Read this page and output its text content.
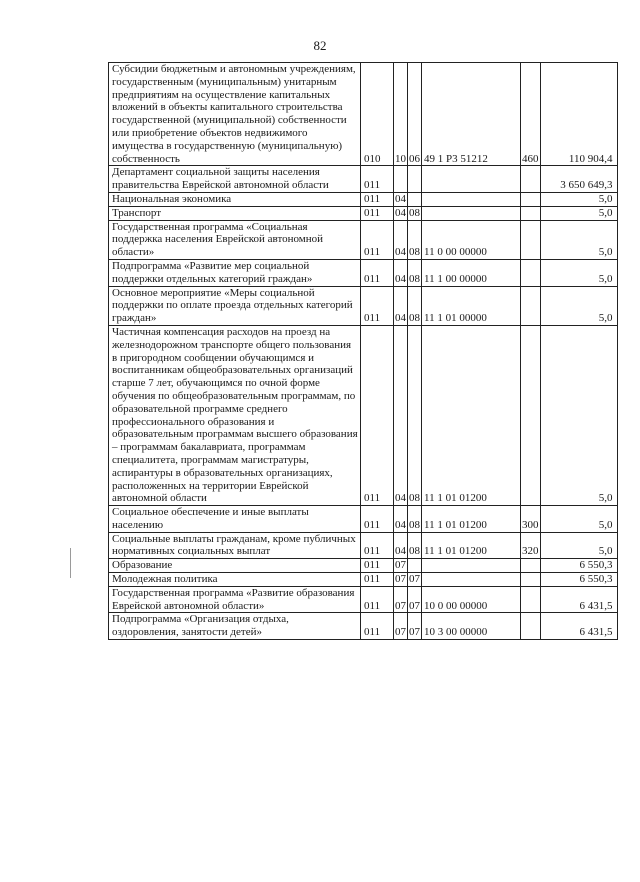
82
Субсидии бюджетным и автономным учреждениям, государственным (муниципальным) унитарным предприятиям на осуществление капитальных вложений в объекты капитального строительства государственной (муниципальной) собственности или приобретение объектов недвижимого имущества в государственную (муниципальную) собственность	010	10	06	49 1 Р3 51212	460	110 904,4
Департамент социальной защиты населения правительства Еврейской автономной области	011					3 650 649,3
Национальная экономика	011	04				5,0
Транспорт	011	04	08			5,0
Государственная программа «Социальная поддержка населения Еврейской автономной области»	011	04	08	11 0 00 00000		5,0
Подпрограмма «Развитие мер социальной поддержки отдельных категорий граждан»	011	04	08	11 1 00 00000		5,0
Основное мероприятие «Меры социальной поддержки по оплате проезда отдельных категорий граждан»	011	04	08	11 1 01 00000		5,0
Частичная компенсация расходов на проезд на железнодорожном транспорте общего пользования в пригородном сообщении обучающимся и воспитанникам общеобразовательных организаций старше 7 лет, обучающимся по очной форме обучения по общеобразовательным программам, по образовательной программе среднего профессионального образования и образовательным программам высшего образования – программам бакалавриата, программам специалитета, программам магистратуры, аспирантуры в образовательных организациях, расположенных на территории Еврейской автономной области	011	04	08	11 1 01 01200		5,0
Социальное обеспечение и иные выплаты населению	011	04	08	11 1 01 01200	300	5,0
Социальные выплаты гражданам, кроме публичных нормативных социальных выплат	011	04	08	11 1 01 01200	320	5,0
Образование	011	07				6 550,3
Молодежная политика	011	07	07			6 550,3
Государственная программа «Развитие образования Еврейской автономной области»	011	07	07	10 0 00 00000		6 431,5
Подпрограмма «Организация отдыха, оздоровления, занятости детей»	011	07	07	10 3 00 00000		6 431,5
